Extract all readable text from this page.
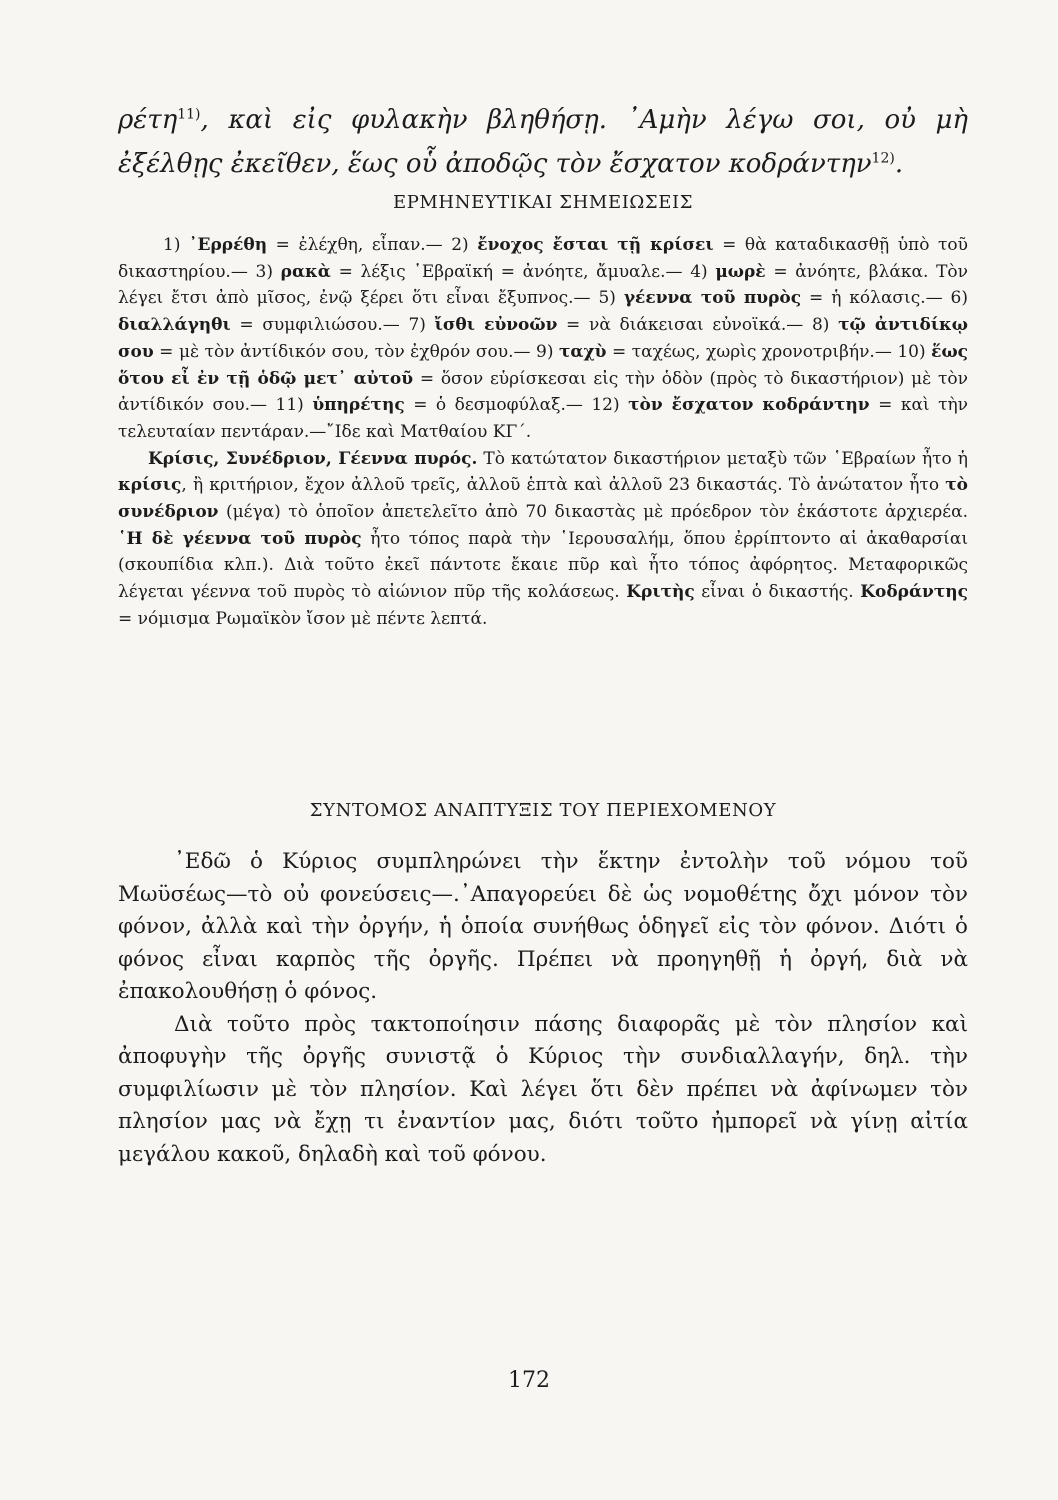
ρέτη$^{11)}$, καὶ εἰς φυλακὴν βληθήσῃ. ᾿Αμὴν λέγω σοι, οὐ μὴ ἐξέλθῃς ἐκεῖθεν, ἕως οὗ ἀποδῷς τὸν ἔσχατον κοδράντην$^{12)}$.
ΕΡΜΗΝΕΥΤΙΚΑΙ ΣΗΜΕΙΩΣΕΙΣ

1) ᾿Ερρέθη = ἐλέχθη, εἶπαν.— 2) ἔνοχος ἔσται τῇ κρίσει = θὰ καταδικασθῇ ὑπὸ τοῦ δικαστηρίου.— 3) ρακὰ = λέξις ῾Εβραϊκή = ἀνόητε, ἄμυαλε.— 4) μωρὲ = ἀνόητε, βλάκα. Τὸν λέγει ἔτσι ἀπὸ μῖσος, ἐνῷ ξέρει ὅτι εἶναι ἔξυπνος.— 5) γέεννα τοῦ πυρὸς = ἡ κόλασις.— 6) διαλλάγηθι = συμφιλιώσου.— 7) ἴσθι εὐνοῶν = νὰ διάκεισαι εὐνοϊκά.— 8) τῷ ἀντιδίκῳ σου = μὲ τὸν ἀντίδικόν σου, τὸν ἐχθρόν σου.— 9) ταχὺ = ταχέως, χωρὶς χρονοτριβήν.— 10) ἕως ὅτου εἶ ἐν τῇ ὁδῷ μετ᾿ αὐτοῦ = ὅσον εὑρίσκεσαι εἰς τὴν ὁδὸν (πρὸς τὸ δικαστήριον) μὲ τὸν ἀντίδικόν σου.— 11) ὑπηρέτης = ὁ δεσμοφύλαξ.— 12) τὸν ἔσχατον κοδράντην = καὶ τὴν τελευταίαν πεντάραν.—῎Ιδε καὶ Ματθαίου ΚΓ΄.

Κρίσις, Συνέδριον, Γέεννα πυρός. Τὸ κατώτατον δικαστήριον μεταξὺ τῶν ῾Εβραίων ἦτο ἡ κρίσις, ἢ κριτήριον, ἔχον ἀλλοῦ τρεῖς, ἀλλοῦ ἑπτὰ καὶ ἀλλοῦ 23 δικαστάς. Τὸ ἀνώτατον ἦτο τὸ συνέδριον (μέγα) τὸ ὁποῖον ἀπετελεῖτο ἀπὸ 70 δικαστὰς μὲ πρόεδρον τὸν ἑκάστοτε ἀρχιερέα. ῾Η δὲ γέεννα τοῦ πυρὸς ἦτο τόπος παρὰ τὴν ῾Ιερουσαλήμ, ὅπου ἐρρίπτοντο αἱ ἀκαθαρσίαι (σκουπίδια κλπ.). Διὰ τοῦτο ἐκεῖ πάντοτε ἔκαιε πῦρ καὶ ἦτο τόπος ἀφόρητος. Μεταφορικῶς λέγεται γέεννα τοῦ πυρὸς τὸ αἰώνιον πῦρ τῆς κολάσεως. Κριτὴς εἶναι ὁ δικαστής. Κοδράντης = νόμισμα Ρωμαϊκὸν ἴσον μὲ πέντε λεπτά.

ΣΥΝΤΟΜΟΣ ΑΝΑΠΤΥΞΙΣ ΤΟΥ ΠΕΡΙΕΧΟΜΕΝΟΥ

᾿Εδῶ ὁ Κύριος συμπληρώνει τὴν ἕκτην ἐντολὴν τοῦ νόμου τοῦ Μωϋσέως—τὸ οὐ φονεύσεις—.᾿Απαγορεύει δὲ ὡς νομοθέτης ὄχι μόνον τὸν φόνον, ἀλλὰ καὶ τὴν ὀργήν, ἡ ὁποία συνήθως ὁδηγεῖ εἰς τὸν φόνον. Διότι ὁ φόνος εἶναι καρπὸς τῆς ὀργῆς. Πρέπει νὰ προηγηθῇ ἡ ὀργή, διὰ νὰ ἐπακολουθήσῃ ὁ φόνος.

Διὰ τοῦτο πρὸς τακτοποίησιν πάσης διαφορᾶς μὲ τὸν πλησίον καὶ ἀποφυγὴν τῆς ὀργῆς συνιστᾷ ὁ Κύριος τὴν συνδιαλλαγήν, δηλ. τὴν συμφιλίωσιν μὲ τὸν πλησίον. Καὶ λέγει ὅτι δὲν πρέπει νὰ ἀφίνωμεν τὸν πλησίον μας νὰ ἔχῃ τι ἐναντίον μας, διότι τοῦτο ἠμπορεῖ νὰ γίνῃ αἰτία μεγάλου κακοῦ, δηλαδὴ καὶ τοῦ φόνου.

172
